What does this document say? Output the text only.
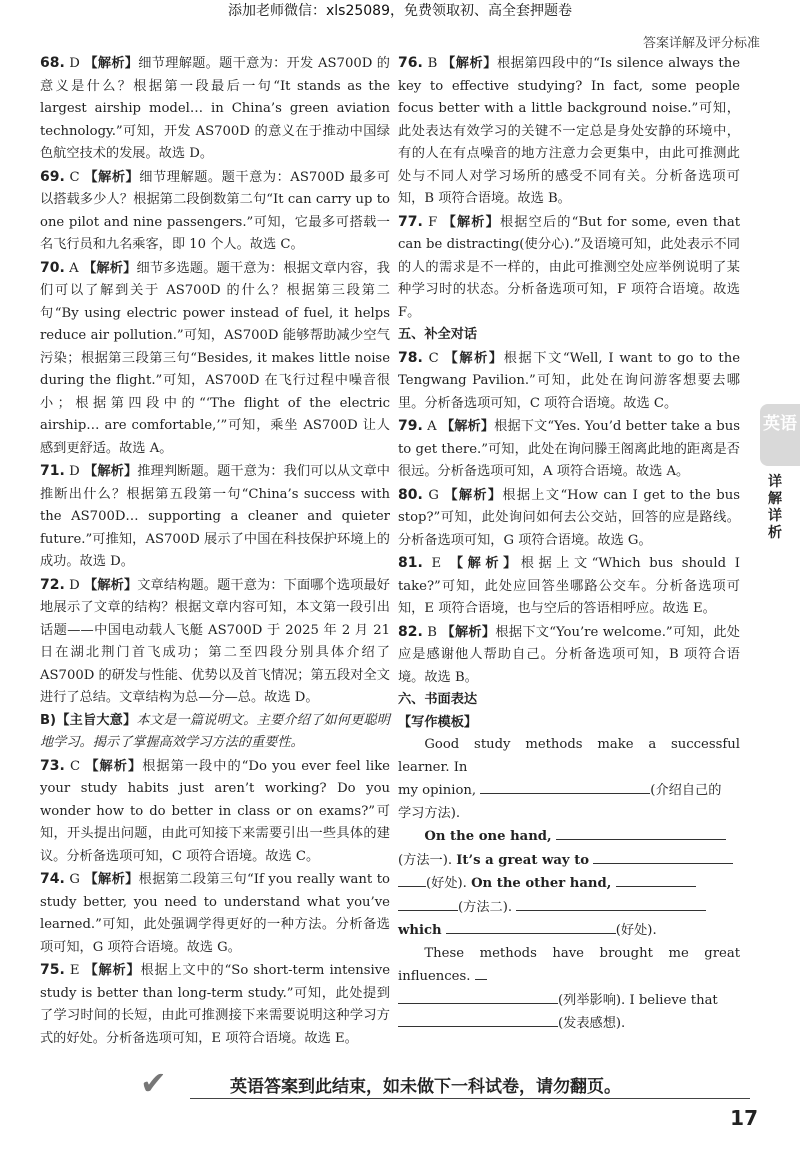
添加老师微信：xls25089，免费领取初、高全套押题卷
答案详解及评分标准

68. D 【解析】细节理解题。题干意为：开发 AS700D 的意义是什么？根据第一段最后一句“It stands as the largest airship model… in China’s green aviation technology.”可知，开发 AS700D 的意义在于推动中国绿色航空技术的发展。故选 D。

69. C 【解析】细节理解题。题干意为：AS700D 最多可以搭载多少人？根据第二段倒数第二句“It can carry up to one pilot and nine passengers.”可知，它最多可搭载一名飞行员和九名乘客，即 10 个人。故选 C。

70. A 【解析】细节多选题。题干意为：根据文章内容，我们可以了解到关于 AS700D 的什么？根据第三段第二句“By using electric power instead of fuel, it helps reduce air pollution.”可知，AS700D 能够帮助减少空气污染；根据第三段第三句“Besides, it makes little noise during the flight.”可知，AS700D 在飞行过程中噪音很小；根据第四段中的“‘The flight of the electric airship… are comfortable,’”可知，乘坐 AS700D 让人感到更舒适。故选 A。

71. D 【解析】推理判断题。题干意为：我们可以从文章中推断出什么？根据第五段第一句“China’s success with the AS700D… supporting a cleaner and quieter future.”可推知，AS700D 展示了中国在科技保护环境上的成功。故选 D。

72. D 【解析】文章结构题。题干意为：下面哪个选项最好地展示了文章的结构？根据文章内容可知，本文第一段引出话题——中国电动载人飞艇 AS700D 于 2025 年 2 月 21 日在湖北荆门首飞成功；第二至四段分别具体介绍了 AS700D 的研发与性能、优势以及首飞情况；第五段对全文进行了总结。文章结构为总—分—总。故选 D。

B)【主旨大意】本文是一篇说明文。主要介绍了如何更聪明地学习。揭示了掌握高效学习方法的重要性。

73. C 【解析】根据第一段中的“Do you ever feel like your study habits just aren’t working? Do you wonder how to do better in class or on exams?”可知，开头提出问题，由此可知接下来需要引出一些具体的建议。分析备选项可知，C 项符合语境。故选 C。

74. G 【解析】根据第二段第三句“If you really want to study better, you need to understand what you’ve learned.”可知，此处强调学得更好的一种方法。分析备选项可知，G 项符合语境。故选 G。

75. E 【解析】根据上文中的“So short-term intensive study is better than long-term study.”可知，此处提到了学习时间的长短，由此可推测接下来需要说明这种学习方式的好处。分析备选项可知，E 项符合语境。故选 E。

76. B 【解析】根据第四段中的“Is silence always the key to effective studying? In fact, some people focus better with a little background noise.”可知，此处表达有效学习的关键不一定总是身处安静的环境中，有的人在有点噪音的地方注意力会更集中，由此可推测此处与不同人对学习场所的感受不同有关。分析备选项可知，B 项符合语境。故选 B。

77. F 【解析】根据空后的“But for some, even that can be distracting(使分心).”及语境可知，此处表示不同的人的需求是不一样的，由此可推测空处应举例说明了某种学习时的状态。分析备选项可知，F 项符合语境。故选 F。

五、补全对话

78. C 【解析】根据下文“Well, I want to go to the Tengwang Pavilion.”可知，此处在询问游客想要去哪里。分析备选项可知，C 项符合语境。故选 C。

79. A 【解析】根据下文“Yes. You’d better take a bus to get there.”可知，此处在询问滕王阁离此地的距离是否很远。分析备选项可知，A 项符合语境。故选 A。

80. G 【解析】根据上文“How can I get to the bus stop?”可知，此处询问如何去公交站，回答的应是路线。分析备选项可知，G 项符合语境。故选 G。

81. E 【解析】根据上文“Which bus should I take?”可知，此处应回答坐哪路公交车。分析备选项可知，E 项符合语境，也与空后的答语相呼应。故选 E。

82. B 【解析】根据下文“You’re welcome.”可知，此处应是感谢他人帮助自己。分析备选项可知，B 项符合语境。故选 B。

六、书面表达

【写作模板】

Good study methods make a successful learner. In

my opinion,	(介绍自己的

学习方法).

On the one hand,

(方法一). It’s a great way to

(好处). On the other hand,

(方法二).

which	(好处).

These methods have brought me great influences.

(列举影响). I believe that

(发表感想).

英语
详解详析
✔	英语答案到此结束，如未做下一科试卷，请勿翻页。
17
